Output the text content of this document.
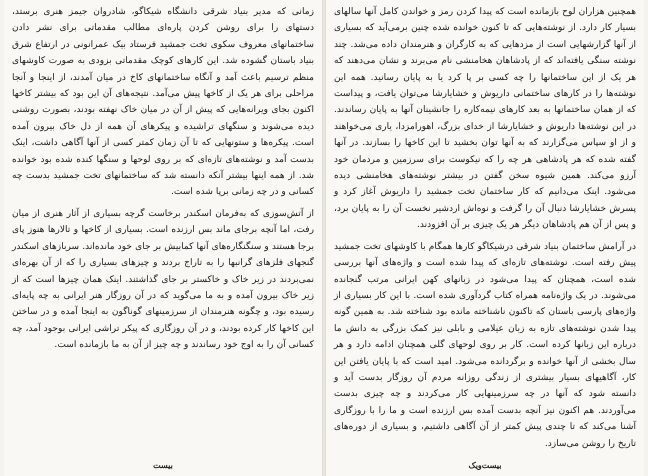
زمانی که مدیر بنیاد شرقی دانشگاه شیکاگو، شادروان جیمز هنری برستد، دستهای را برای روشن کردن پاره‌ای مطالب مقدماتی برای نشر دادن ساختمانهای معروف سکوی تخت جمشید فرستاد بیک عمرانونی در ارتفاع شرق بنیاد باستان گشوده شد. این کارهای کوچک مقدماتی بزودی به صورت کاوشهای منظم ترسیم باعث آمد و آنگاه ساختمانهای کاخ در میان آمدند، از اینجا و آنجا مراحلی برای هر یک از کاخها پیش می‌آمد. نتیجه‌های آن این بود که بیشتر کاخها اکنون بجای ویرانه‌هایی که پیش از آن در میان خاک نهفته بودند، بصورت روشنی دیده می‌شوند و سنگهای تراشیده و پیکرهای آن همه از دل خاک بیرون آمده است. پیکره‌ها و ستونهایی که تا آن زمان کمتر کسی از آنها آگاهی داشت، اینک بدست آمد و نوشته‌های تازه‌ای که بر روی لوحها و سنگها کنده شده بود خوانده شد. از همه اینها بیشتر آنکه دانسته شد که ساختمانهای تخت جمشید بدست چه کسانی و در چه زمانی برپا شده است.

از آتش‌سوزی که به‌فرمان اسکندر برخاست گرچه بسیاری از آثار هنری از میان رفت، اما آنچه برجای ماند بس ارزنده است. بسیاری از کاخها و تالارها هنوز پای برجا هستند و سنگنگاره‌های آنها کمابیش بر جای خود مانده‌اند. سربازهای اسکندر گنجهای فلزهای گرانبها را به تاراج بردند و چیزهای بسیاری را که از آن بهره‌ای نمی‌بردند در زیر خاک و خاکستر بر جای گذاشتند. اینک همان چیزها است که از زیر خاک بیرون آمده و به ما می‌گوید که در آن روزگار هنر ایرانی به چه پایه‌ای رسیده بود، و چگونه هنرمندان از سرزمینهای گوناگون به اینجا آمده و در ساختن این کاخها کار کرده بودند، و در آن روزگاری که پیکر تراشی ایرانی بوجود آمد، چه کسانی آن را به اوج خود رساندند و چه چیز از آن به ما بازمانده است.

بیست

همچنین هزاران لوح بازمانده است که پیدا کردن رمز و خواندن کامل آنها سالهای بسیار کار دارد. از نوشته‌هایی که تا کنون خوانده شده چنین برمی‌آید که بسیاری از آنها گزارشهایی است از مزدهایی که به کارگران و هنرمندان داده می‌شد. چند نوشته سنگی یافته‌اند که از پادشاهان هخامنشی نام می‌برند و نشان می‌دهند که هر یک از این ساختمانها را چه کسی بر پا کرد یا به پایان رسانید. همه این نوشته‌ها را در کارهای ساختمانی داریوش و خشایارشا می‌توان یافت، و پیداست که از همان ساختمانها به بعد کارهای نیمه‌کاره را جانشینان آنها به پایان رساندند. در این نوشته‌ها داریوش و خشایارشا از خدای بزرگ، اهورامزدا، یاری می‌خواهند و از او سپاس می‌گزارند که به آنها توان بخشید تا این کاخها را بسازند. در آنها گفته شده که هر پادشاهی هر چه را که نیکوست برای سرزمین و مردمان خود آرزو می‌کند. همین شیوه سخن گفتن در بیشتر نوشته‌های هخامنشی دیده می‌شود. اینک می‌دانیم که کار ساختمان تخت جمشید را داریوش آغاز کرد و پسرش خشایارشا دنبال آن را گرفت و نوه‌اش اردشیر نخست آن را به پایان برد، و پس از آن هم پادشاهان دیگر هر یک چیزی بر آن افزودند.

در آرامش ساختمان بنیاد شرقی درشیکاگو کارها همگام با کاوشهای تخت جمشید پیش رفته است. نوشته‌های تازه‌ای که پیدا شده است و واژه‌های آنها بررسی شده است، همچنان که پیدا می‌شود در زبانهای کهن ایرانی مرتب گنجانده می‌شوند. در یک واژه‌نامه همراه کتاب گردآوری شده است. با این کار بسیاری از واژه‌های پارسی باستان که تاکنون ناشناخته مانده بود شناخته شد. به همین گونه پیدا شدن نوشته‌های تازه به زبان عیلامی و بابلی نیز کمک بزرگی به دانش ما درباره این زبانها کرده است. کار بر روی لوحهای گلی همچنان ادامه دارد و هر سال بخشی از آنها خوانده و برگردانده می‌شود. امید است که با پایان یافتن این کار، آگاهیهای بسیار بیشتری از زندگی روزانه مردم آن روزگار بدست آید و دانسته شود که آنها در چه سرزمینهایی کار می‌کردند و چه چیزی بدست می‌آوردند. هم اکنون نیز آنچه بدست آمده بس ارزنده است و ما را با روزگاری آشنا می‌کند که تا چندی پیش کمتر از آن آگاهی داشتیم، و بسیاری از دوره‌های تاریخ را روشن می‌سازد.

بیست‌ویک
